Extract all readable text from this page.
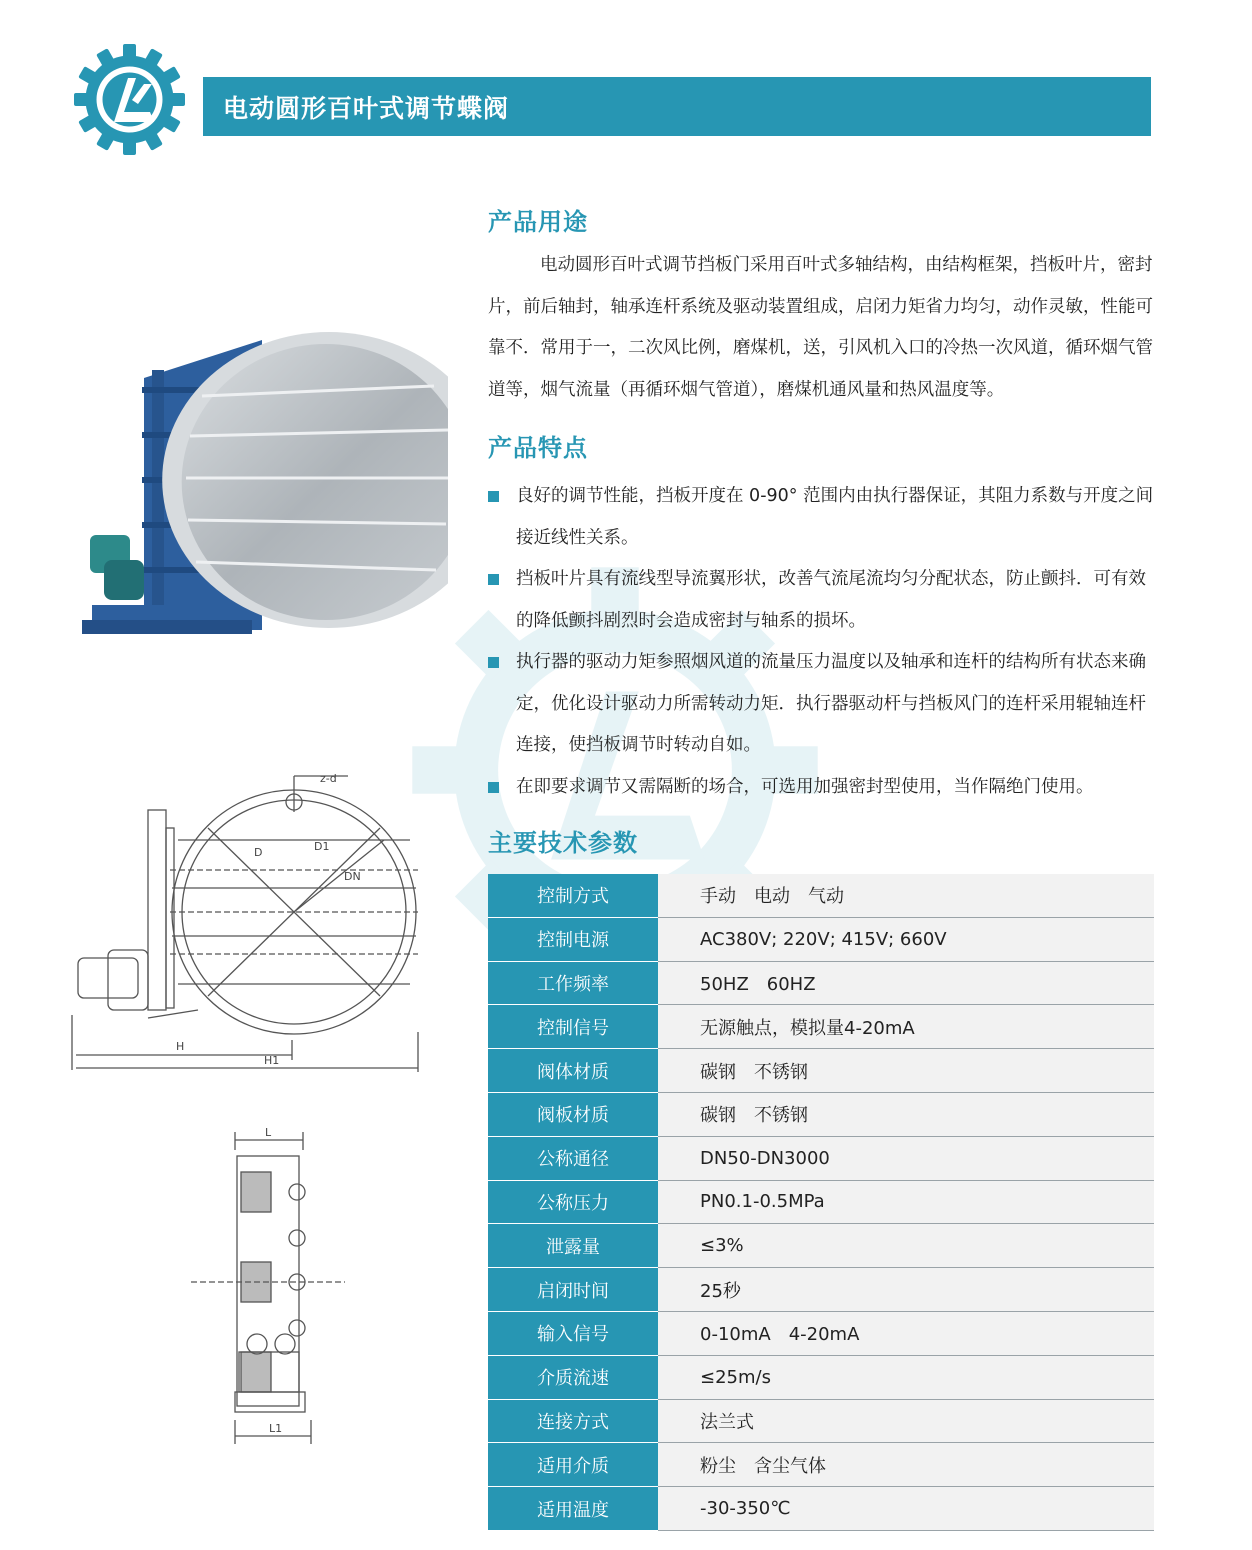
电动圆形百叶式调节蝶阀
产品用途
电动圆形百叶式调节挡板门采用百叶式多轴结构，由结构框架，挡板叶片，密封片，前后轴封，轴承连杆系统及驱动装置组成，启闭力矩省力均匀，动作灵敏，性能可靠不．常用于一，二次风比例，磨煤机，送，引风机入口的冷热一次风道，循环烟气管道等，烟气流量（再循环烟气管道），磨煤机通风量和热风温度等。
产品特点
良好的调节性能，挡板开度在 0-90° 范围内由执行器保证，其阻力系数与开度之间接近线性关系。
挡板叶片具有流线型导流翼形状，改善气流尾流均匀分配状态，防止颤抖．可有效的降低颤抖剧烈时会造成密封与轴系的损坏。
执行器的驱动力矩参照烟风道的流量压力温度以及轴承和连杆的结构所有状态来确定，优化设计驱动力所需转动力矩．执行器驱动杆与挡板风门的连杆采用辊轴连杆连接，使挡板调节时转动自如。
在即要求调节又需隔断的场合，可选用加强密封型使用，当作隔绝门使用。
主要技术参数
控制方式	手动　电动　气动
控制电源	AC380V; 220V; 415V; 660V
工作频率	50HZ　60HZ
控制信号	无源触点，模拟量4-20mA
阀体材质	碳钢　不锈钢
阀板材质	碳钢　不锈钢
公称通径	DN50-DN3000
公称压力	PN0.1-0.5MPa
泄露量	≤3%
启闭时间	25秒
输入信号	0-10mA　4-20mA
介质流速	≤25m/s
连接方式	法兰式
适用介质	粉尘　含尘气体
适用温度	-30-350℃
z-d
D	D1
DN
H
H1
L
L1
